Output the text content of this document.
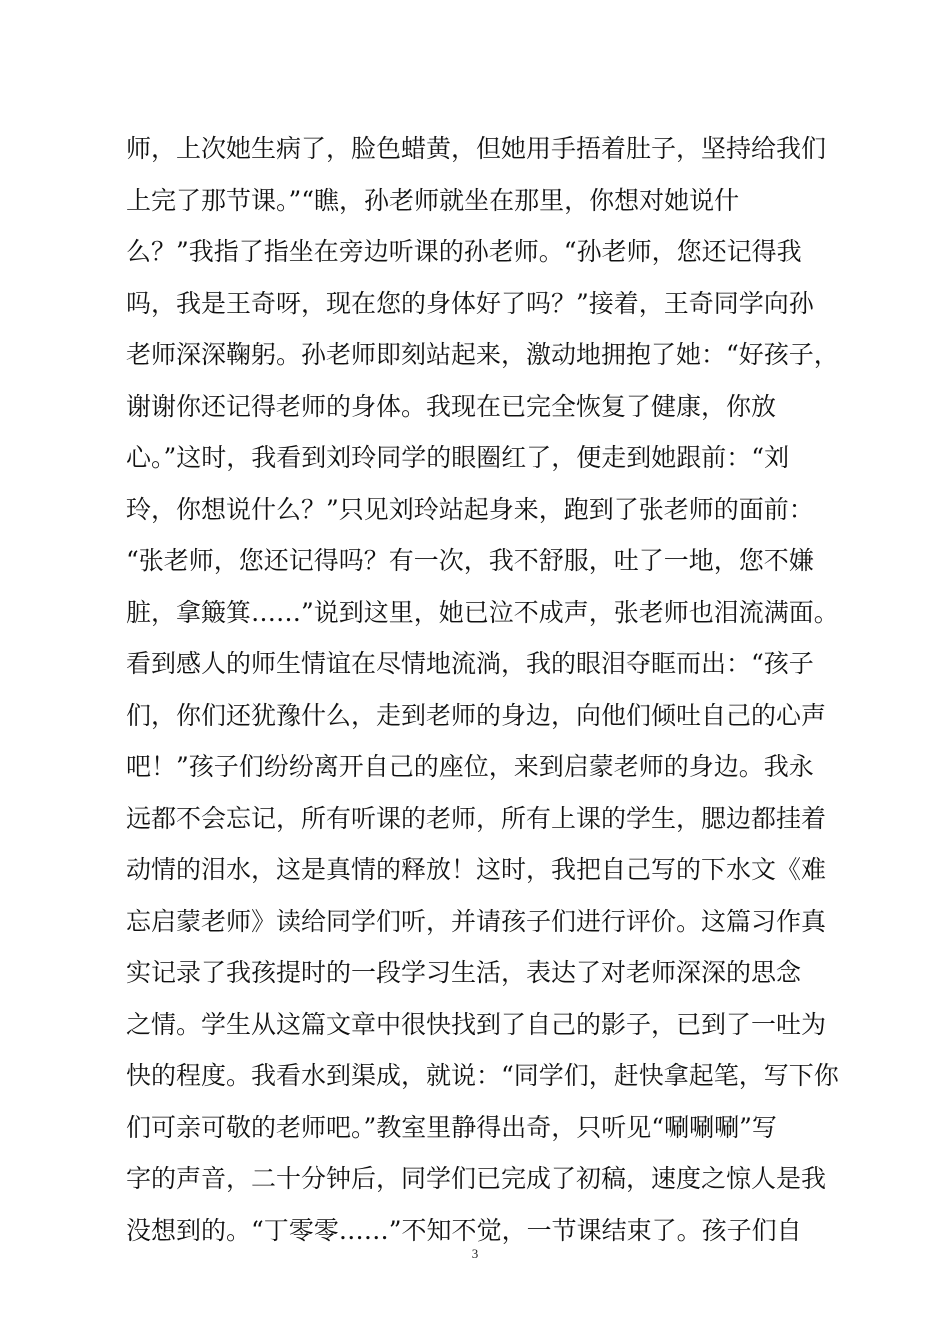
师，上次她生病了，脸色蜡黄，但她用手捂着肚子，坚持给我们
上完了那节课。”“瞧，孙老师就坐在那里，你想对她说什
么？”我指了指坐在旁边听课的孙老师。“孙老师，您还记得我
吗，我是王奇呀，现在您的身体好了吗？”接着，王奇同学向孙
老师深深鞠躬。孙老师即刻站起来，激动地拥抱了她：“好孩子，
谢谢你还记得老师的身体。我现在已完全恢复了健康，你放
心。”这时，我看到刘玲同学的眼圈红了，便走到她跟前：“刘
玲，你想说什么？”只见刘玲站起身来，跑到了张老师的面前：
“张老师，您还记得吗？有一次，我不舒服，吐了一地，您不嫌
脏，拿簸箕……”说到这里，她已泣不成声，张老师也泪流满面。
看到感人的师生情谊在尽情地流淌，我的眼泪夺眶而出：“孩子
们，你们还犹豫什么，走到老师的身边，向他们倾吐自己的心声
吧！”孩子们纷纷离开自己的座位，来到启蒙老师的身边。我永
远都不会忘记，所有听课的老师，所有上课的学生，腮边都挂着
动情的泪水，这是真情的释放！这时，我把自己写的下水文《难
忘启蒙老师》读给同学们听，并请孩子们进行评价。这篇习作真
实记录了我孩提时的一段学习生活，表达了对老师深深的思念
之情。学生从这篇文章中很快找到了自己的影子，已到了一吐为
快的程度。我看水到渠成，就说：“同学们，赶快拿起笔，写下你
们可亲可敬的老师吧。”教室里静得出奇，只听见“唰唰唰”写
字的声音，二十分钟后，同学们已完成了初稿，速度之惊人是我
没想到的。“丁零零……”不知不觉，一节课结束了。孩子们自
3
